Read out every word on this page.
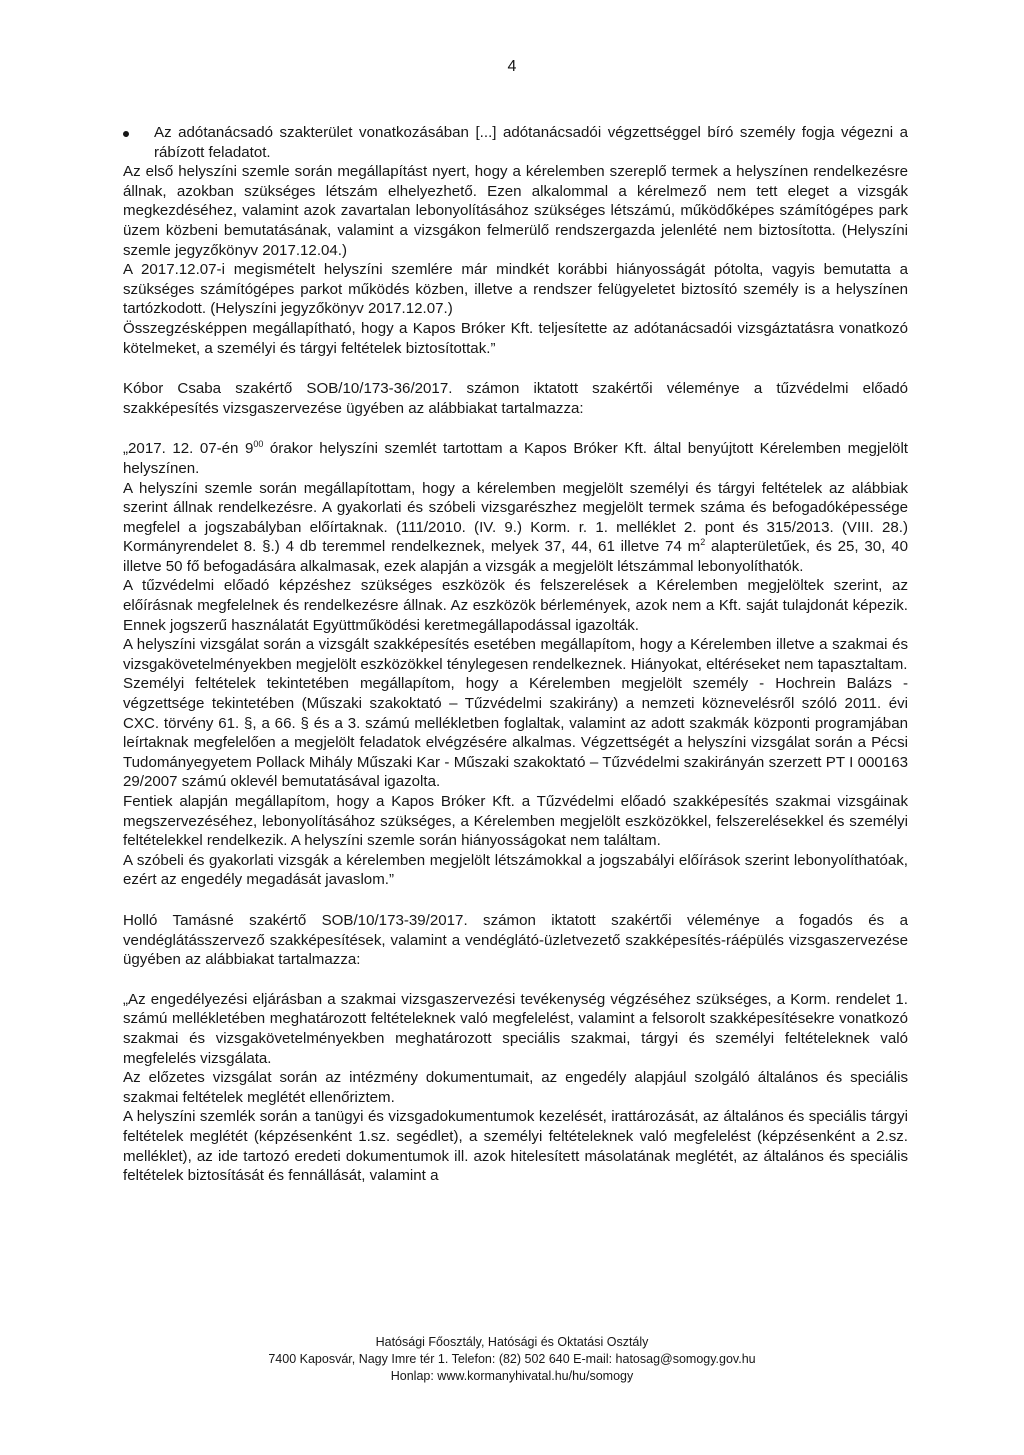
4

Az adótanácsadó szakterület vonatkozásában [...] adótanácsadói végzettséggel bíró személy fogja végezni a rábízott feladatot.

Az első helyszíni szemle során megállapítást nyert, hogy a kérelemben szereplő termek a helyszínen rendelkezésre állnak, azokban szükséges létszám elhelyezhető. Ezen alkalommal a kérelmező nem tett eleget a vizsgák megkezdéséhez, valamint azok zavartalan lebonyolításához szükséges létszámú, működőképes számítógépes park üzem közbeni bemutatásának, valamint a vizsgákon felmerülő rendszergazda jelenlété nem biztosította. (Helyszíni szemle jegyzőkönyv 2017.12.04.)

A 2017.12.07-i megismételt helyszíni szemlére már mindkét korábbi hiányosságát pótolta, vagyis bemutatta a szükséges számítógépes parkot működés közben, illetve a rendszer felügyeletet biztosító személy is a helyszínen tartózkodott. (Helyszíni jegyzőkönyv 2017.12.07.)

Összegzésképpen megállapítható, hogy a Kapos Bróker Kft. teljesítette az adótanácsadói vizsgáztatásra vonatkozó kötelmeket, a személyi és tárgyi feltételek biztosítottak.”

Kóbor Csaba szakértő SOB/10/173-36/2017. számon iktatott szakértői véleménye a tűzvédelmi előadó szakképesítés vizsgaszervezése ügyében az alábbiakat tartalmazza:

„2017. 12. 07-én $9^{00}$ órakor helyszíni szemlét tartottam a Kapos Bróker Kft. által benyújtott Kérelemben megjelölt helyszínen.

A helyszíni szemle során megállapítottam, hogy a kérelemben megjelölt személyi és tárgyi feltételek az alábbiak szerint állnak rendelkezésre. A gyakorlati és szóbeli vizsgarészhez megjelölt termek száma és befogadóképessége megfelel a jogszabályban előírtaknak. (111/2010. (IV. 9.) Korm. r. 1. melléklet 2. pont és 315/2013. (VIII. 28.) Kormányrendelet 8. §.) 4 db teremmel rendelkeznek, melyek 37, 44, 61 illetve 74 $m^2$ alapterületűek, és 25, 30, 40 illetve 50 fő befogadására alkalmasak, ezek alapján a vizsgák a megjelölt létszámmal lebonyolíthatók.

A tűzvédelmi előadó képzéshez szükséges eszközök és felszerelések a Kérelemben megjelöltek szerint, az előírásnak megfelelnek és rendelkezésre állnak. Az eszközök bérlemények, azok nem a Kft. saját tulajdonát képezik. Ennek jogszerű használatát Együttműködési keretmegállapodással igazolták.

A helyszíni vizsgálat során a vizsgált szakképesítés esetében megállapítom, hogy a Kérelemben illetve a szakmai és vizsgakövetelményekben megjelölt eszközökkel ténylegesen rendelkeznek. Hiányokat, eltéréseket nem tapasztaltam.

Személyi feltételek tekintetében megállapítom, hogy a Kérelemben megjelölt személy - Hochrein Balázs - végzettsége tekintetében (Műszaki szakoktató – Tűzvédelmi szakirány) a nemzeti köznevelésről szóló 2011. évi CXC. törvény 61. §, a 66. § és a 3. számú mellékletben foglaltak, valamint az adott szakmák központi programjában leírtaknak megfelelően a megjelölt feladatok elvégzésére alkalmas. Végzettségét a helyszíni vizsgálat során a Pécsi Tudományegyetem Pollack Mihály Műszaki Kar - Műszaki szakoktató – Tűzvédelmi szakirányán szerzett PT I 000163 29/2007 számú oklevél bemutatásával igazolta.

Fentiek alapján megállapítom, hogy a Kapos Bróker Kft. a Tűzvédelmi előadó szakképesítés szakmai vizsgáinak megszervezéséhez, lebonyolításához szükséges, a Kérelemben megjelölt eszközökkel, felszerelésekkel és személyi feltételekkel rendelkezik. A helyszíni szemle során hiányosságokat nem találtam.

A szóbeli és gyakorlati vizsgák a kérelemben megjelölt létszámokkal a jogszabályi előírások szerint lebonyolíthatóak, ezért az engedély megadását javaslom.”

Holló Tamásné szakértő SOB/10/173-39/2017. számon iktatott szakértői véleménye a fogadós és a vendéglátásszervező szakképesítések, valamint a vendéglátó-üzletvezető szakképesítés-ráépülés vizsgaszervezése ügyében az alábbiakat tartalmazza:

„Az engedélyezési eljárásban a szakmai vizsgaszervezési tevékenység végzéséhez szükséges, a Korm. rendelet 1. számú mellékletében meghatározott feltételeknek való megfelelést, valamint a felsorolt szakképesítésekre vonatkozó szakmai és vizsgakövetelményekben meghatározott speciális szakmai, tárgyi és személyi feltételeknek való megfelelés vizsgálata.

Az előzetes vizsgálat során az intézmény dokumentumait, az engedély alapjául szolgáló általános és speciális szakmai feltételek meglétét ellenőriztem.

A helyszíni szemlék során a tanügyi és vizsgadokumentumok kezelését, irattározását, az általános és speciális tárgyi feltételek meglétét (képzésenként 1.sz. segédlet), a személyi feltételeknek való megfelelést (képzésenként a 2.sz. melléklet), az ide tartozó eredeti dokumentumok ill. azok hitelesített másolatának meglétét, az általános és speciális feltételek biztosítását és fennállását, valamint a

Hatósági Főosztály, Hatósági és Oktatási Osztály
7400 Kaposvár, Nagy Imre tér 1. Telefon: (82) 502 640 E-mail: hatosag@somogy.gov.hu
Honlap: www.kormanyhivatal.hu/hu/somogy
